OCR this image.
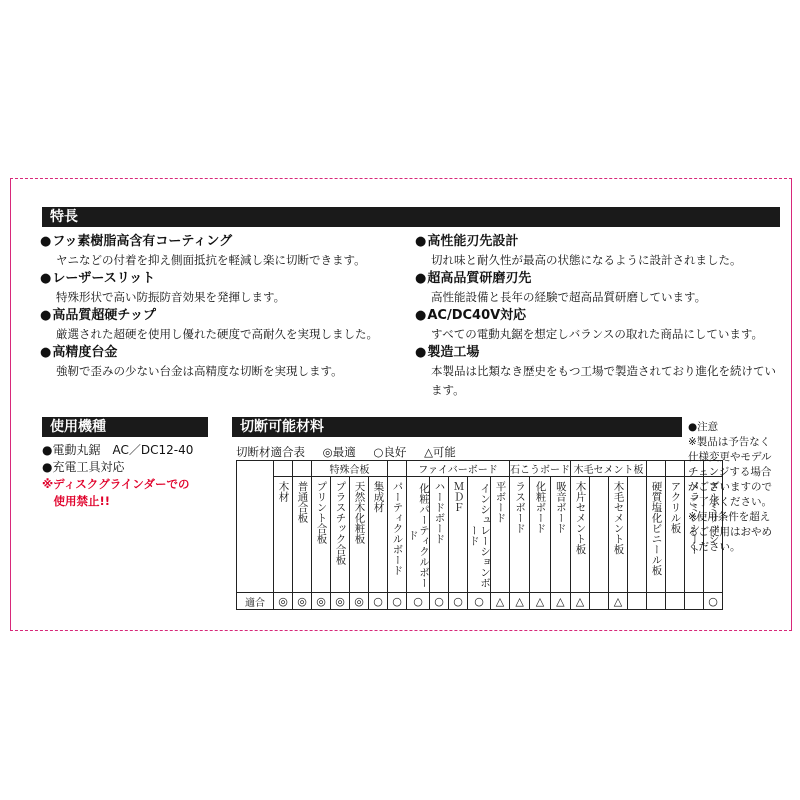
特長
● フッ素樹脂高含有コーティング
ヤニなどの付着を抑え側面抵抗を軽減し楽に切断できます。
● レーザースリット
特殊形状で高い防振防音効果を発揮します。
● 高品質超硬チップ
厳選された超硬を使用し優れた硬度で高耐久を実現しました。
● 高精度台金
強靭で歪みの少ない台金は高精度な切断を実現します。
● 高性能刃先設計
切れ味と耐久性が最高の状態になるように設計されました。
● 超高品質研磨刃先
高性能設備と長年の経験で超高品質研磨しています。
● AC/DC40V対応
すべての電動丸鋸を想定しバランスの取れた商品にしています。
● 製造工場
本製品は比類なき歴史をもつ工場で製造されており進化を続けています。
使用機種
●電動丸鋸　AC／DC12-40
●充電工具対応
※ディスクグラインダーでの
　使用禁止!!
切断可能材料
切断材適合表 ◎最適 ○良好 △可能
			特殊合板					ファイバーボード					石こうボード			木毛セメント板							
	木材	普通合板	プリント合板	プラスチック合板	天然木化粧板	集成材	パーティクルボード	化粧パーティクルボード	ハードボード	ＭＤＦ	インシュレーションボード	平ボード	ラスボード	化粧ボード	吸音ボード	木片セメント板		木毛セメント板		硬質塩化ビニール板	アクリル板	メラミンシート	アルミサッシ
適合	◎	◎	◎	◎	◎	○	○	○	○	○	○	△	△	△	△	△		△					○
●注意
※製品は予告なく仕様変更やモデルチェンジする場合がございますのでご了承ください。
※使用条件を超えるご使用はおやめください。
